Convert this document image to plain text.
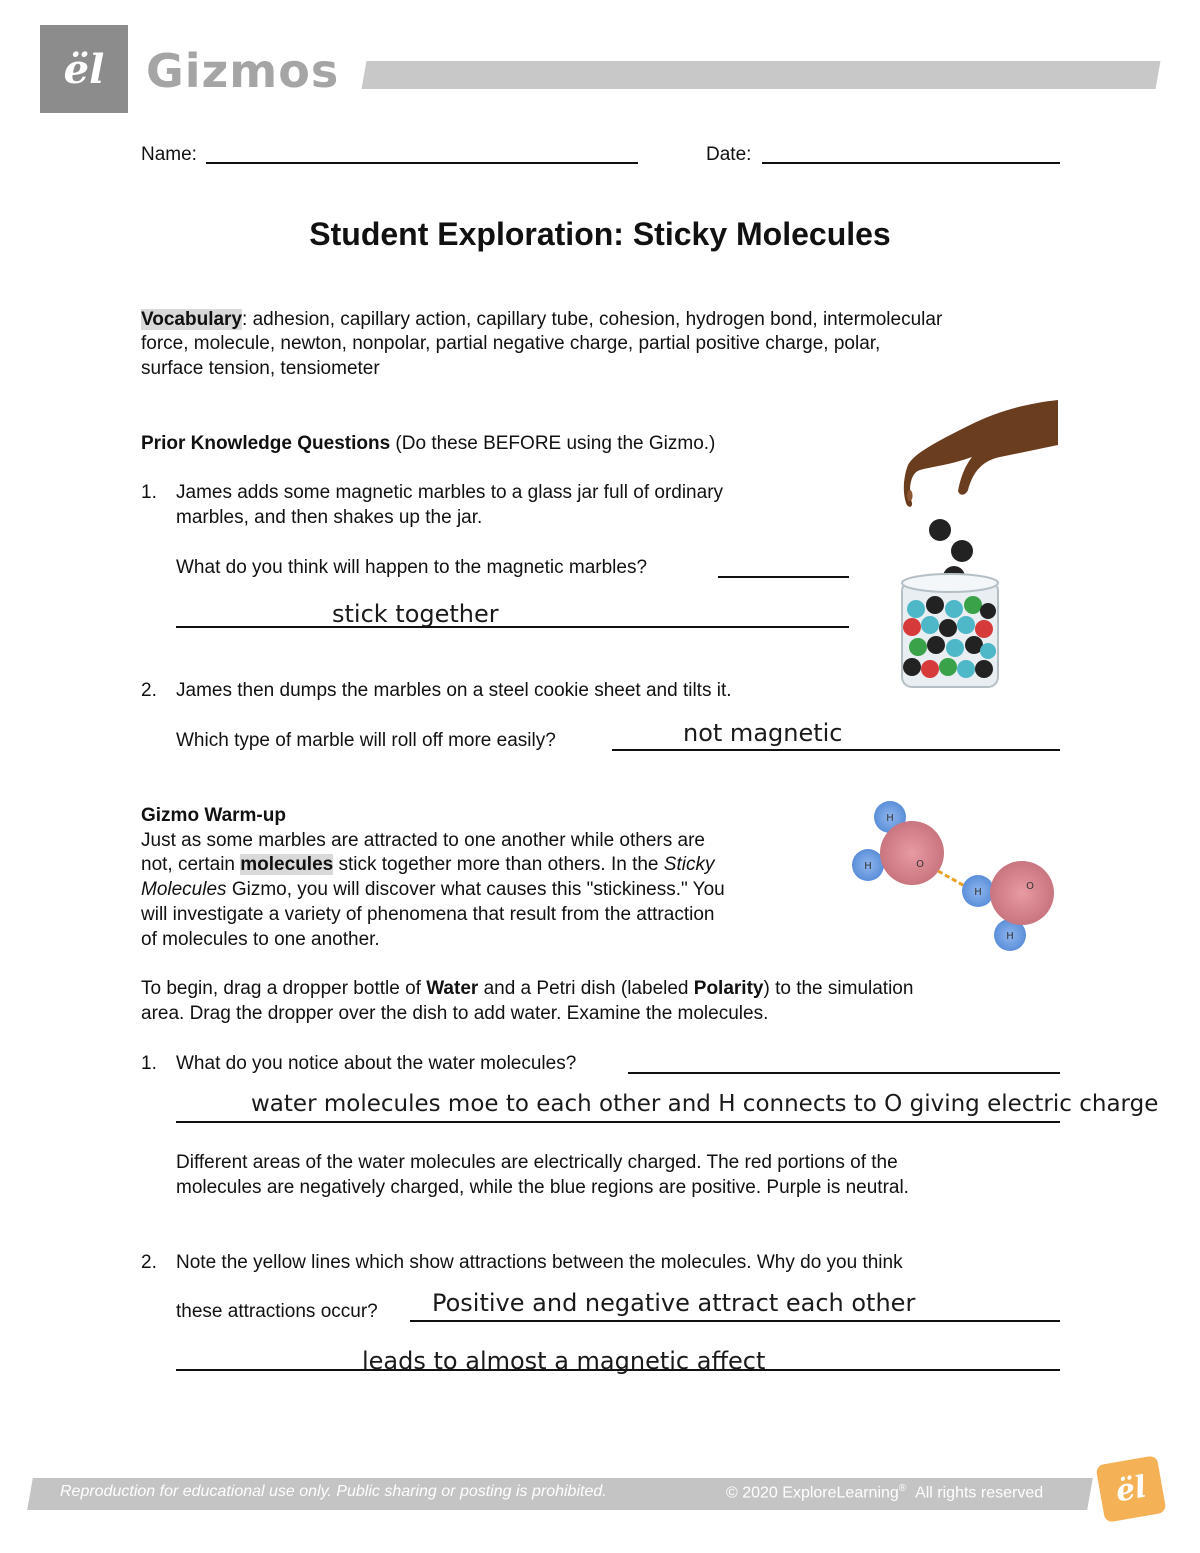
ël Gizmos
Name:	Date:
Student Exploration: Sticky Molecules
Vocabulary: adhesion, capillary action, capillary tube, cohesion, hydrogen bond, intermolecular
force, molecule, newton, nonpolar, partial negative charge, partial positive charge, polar,
surface tension, tensiometer
Prior Knowledge Questions (Do these BEFORE using the Gizmo.)
1. James adds some magnetic marbles to a glass jar full of ordinary
marbles, and then shakes up the jar.
What do you think will happen to the magnetic marbles?
stick together
2. James then dumps the marbles on a steel cookie sheet and tilts it.
Which type of marble will roll off more easily?	not magnetic
Gizmo Warm-up
Just as some marbles are attracted to one another while others are
not, certain molecules stick together more than others. In the Sticky
Molecules Gizmo, you will discover what causes this "stickiness." You
will investigate a variety of phenomena that result from the attraction
of molecules to one another.
H
H	O
H
H
O
To begin, drag a dropper bottle of Water and a Petri dish (labeled Polarity) to the simulation
area. Drag the dropper over the dish to add water. Examine the molecules.
1. What do you notice about the water molecules?
water molecules moe to each other and H connects to O giving electric charge
Different areas of the water molecules are electrically charged. The red portions of the
molecules are negatively charged, while the blue regions are positive. Purple is neutral.
2. Note the yellow lines which show attractions between the molecules. Why do you think
these attractions occur? Positive and negative attract each other
leads to almost a magnetic affect
Reproduction for educational use only. Public sharing or posting is prohibited.	© 2020 ExploreLearning® All rights reserved ël
